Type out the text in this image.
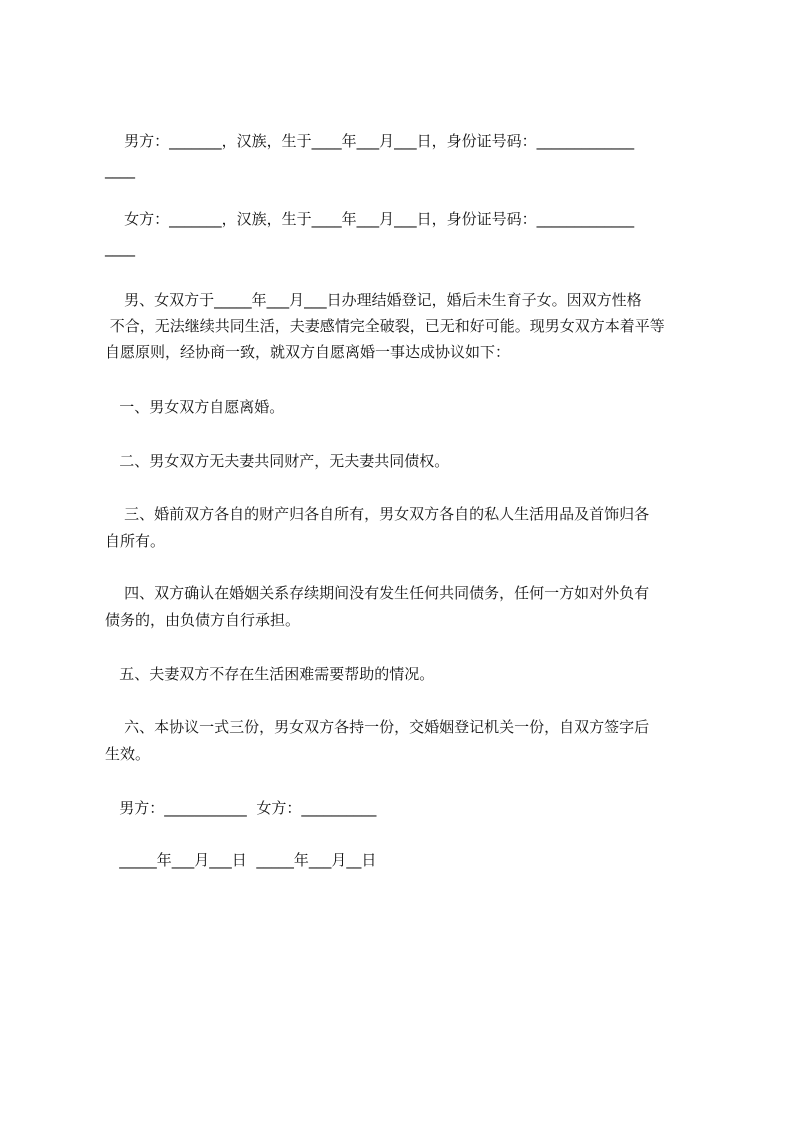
男方：_______，汉族，生于____年___月___日，身份证号码：_____________
____
女方：_______，汉族，生于____年___月___日，身份证号码：_____________
____
男、女双方于_____年___月___日办理结婚登记，婚后未生育子女。因双方性格
不合，无法继续共同生活，夫妻感情完全破裂，已无和好可能。现男女双方本着平等
自愿原则，经协商一致，就双方自愿离婚一事达成协议如下：
一、男女双方自愿离婚。
二、男女双方无夫妻共同财产，无夫妻共同债权。
三、婚前双方各自的财产归各自所有，男女双方各自的私人生活用品及首饰归各
自所有。
四、双方确认在婚姻关系存续期间没有发生任何共同债务，任何一方如对外负有
债务的，由负债方自行承担。
五、夫妻双方不存在生活困难需要帮助的情况。
六、本协议一式三份，男女双方各持一份，交婚姻登记机关一份，自双方签字后
生效。
男方：___________  女方：__________
_____年___月___日  _____年___月__日
